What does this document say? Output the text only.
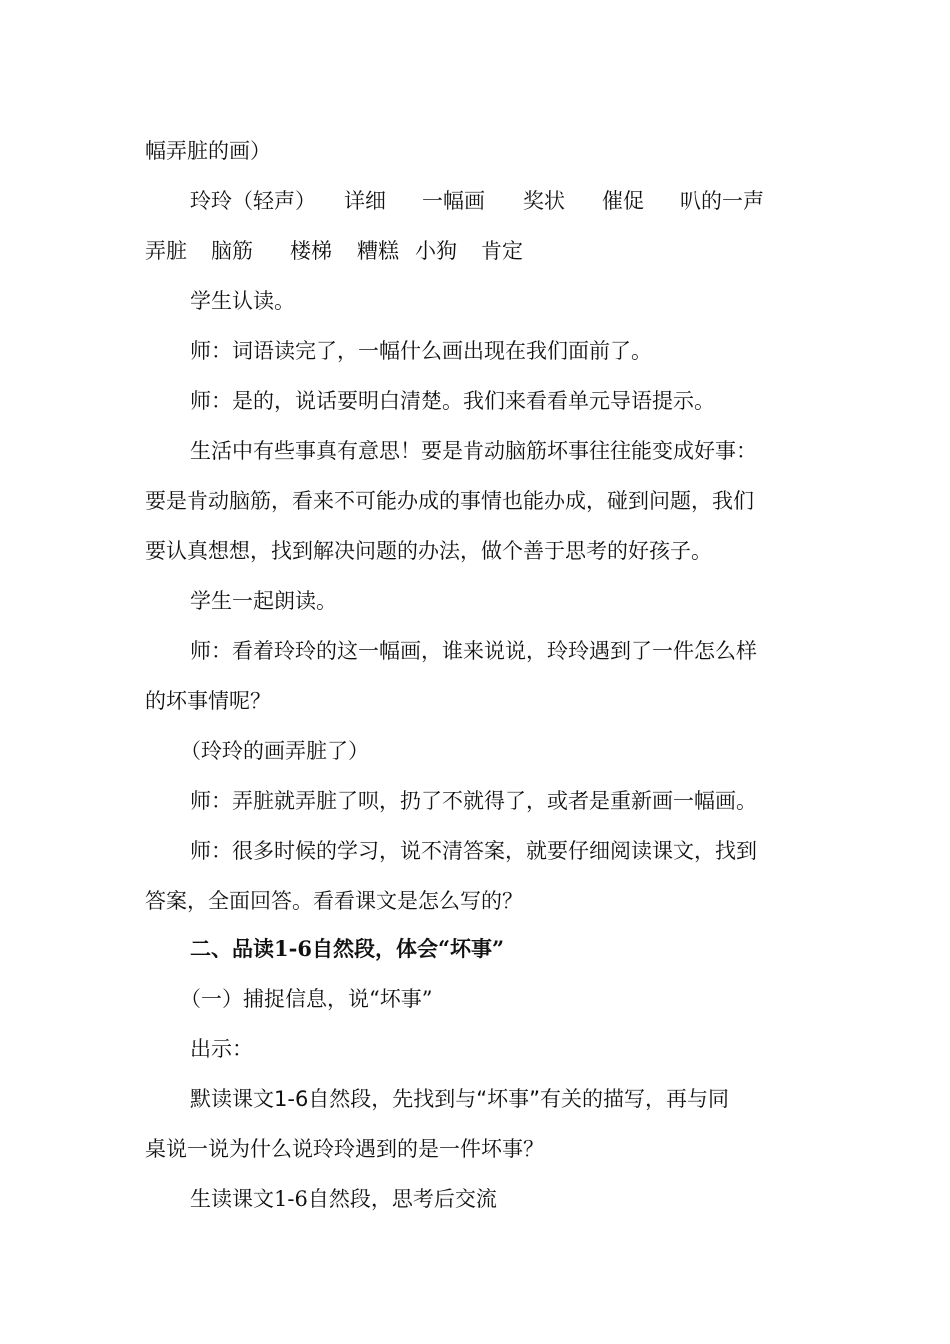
幅弄脏的画）
玲玲（轻声） 详细 一幅画 奖状 催促 叭的一声
弄脏 脑筋 楼梯 糟糕 小狗 肯定
学生认读。
师：词语读完了，一幅什么画出现在我们面前了。
师：是的，说话要明白清楚。我们来看看单元导语提示。
生活中有些事真有意思！要是肯动脑筋坏事往往能变成好事：
要是肯动脑筋，看来不可能办成的事情也能办成，碰到问题，我们
要认真想想，找到解决问题的办法，做个善于思考的好孩子。
学生一起朗读。
师：看着玲玲的这一幅画，谁来说说，玲玲遇到了一件怎么样
的坏事情呢？
（玲玲的画弄脏了）
师：弄脏就弄脏了呗，扔了不就得了，或者是重新画一幅画。
师：很多时候的学习，说不清答案，就要仔细阅读课文，找到
答案，全面回答。看看课文是怎么写的？
二、品读1-6自然段，体会“坏事”
（一）捕捉信息，说“坏事”
出示：
默读课文1-6自然段，先找到与“坏事”有关的描写，再与同
桌说一说为什么说玲玲遇到的是一件坏事？
生读课文1-6自然段，思考后交流
